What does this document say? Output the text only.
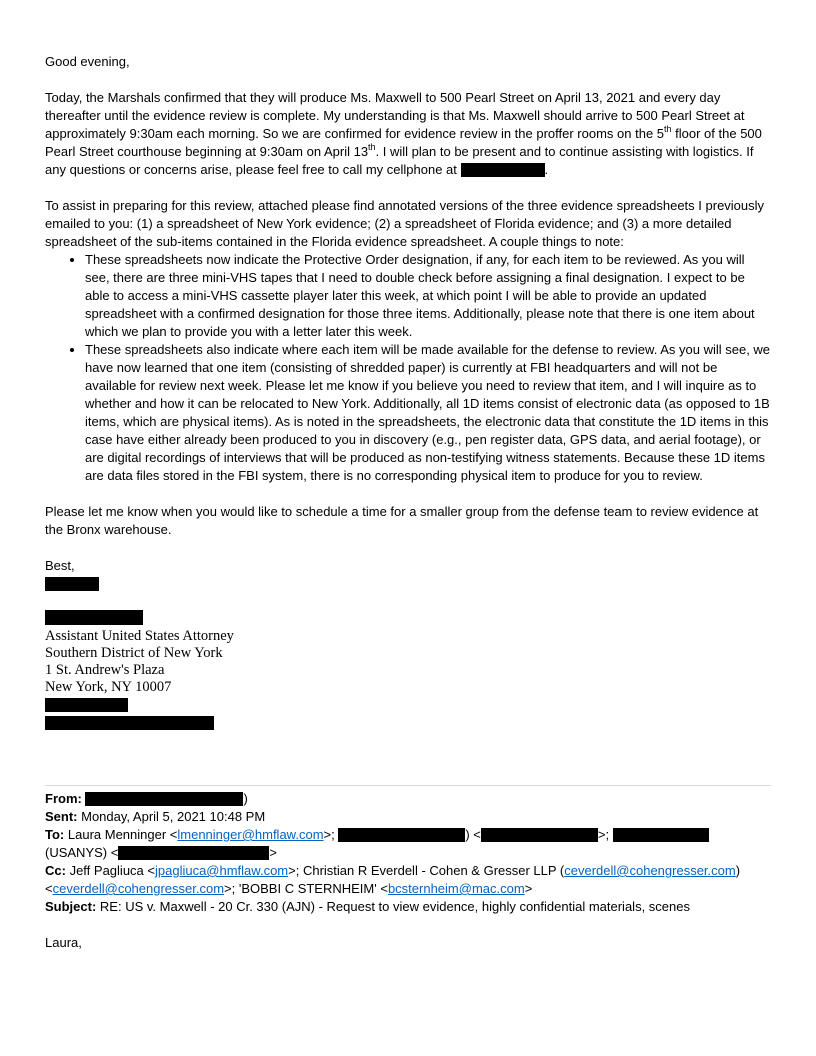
Good evening,

Today, the Marshals confirmed that they will produce Ms. Maxwell to 500 Pearl Street on April 13, 2021 and every day thereafter until the evidence review is complete. My understanding is that Ms. Maxwell should arrive to 500 Pearl Street at approximately 9:30am each morning. So we are confirmed for evidence review in the proffer rooms on the 5th floor of the 500 Pearl Street courthouse beginning at 9:30am on April 13th. I will plan to be present and to continue assisting with logistics. If any questions or concerns arise, please feel free to call my cellphone at	.

To assist in preparing for this review, attached please find annotated versions of the three evidence spreadsheets I previously emailed to you: (1) a spreadsheet of New York evidence; (2) a spreadsheet of Florida evidence; and (3) a more detailed spreadsheet of the sub-items contained in the Florida evidence spreadsheet. A couple things to note:

• These spreadsheets now indicate the Protective Order designation, if any, for each item to be reviewed. As you will see, there are three mini-VHS tapes that I need to double check before assigning a final designation. I expect to be able to access a mini-VHS cassette player later this week, at which point I will be able to provide an updated spreadsheet with a confirmed designation for those three items. Additionally, please note that there is one item about which we plan to provide you with a letter later this week.
• These spreadsheets also indicate where each item will be made available for the defense to review. As you will see, we have now learned that one item (consisting of shredded paper) is currently at FBI headquarters and will not be available for review next week. Please let me know if you believe you need to review that item, and I will inquire as to whether and how it can be relocated to New York. Additionally, all 1D items consist of electronic data (as opposed to 1B items, which are physical items). As is noted in the spreadsheets, the electronic data that constitute the 1D items in this case have either already been produced to you in discovery (e.g., pen register data, GPS data, and aerial footage), or are digital recordings of interviews that will be produced as non-testifying witness statements. Because these 1D items are data files stored in the FBI system, there is no corresponding physical item to produce for you to review.

Please let me know when you would like to schedule a time for a smaller group from the defense team to review evidence at the Bronx warehouse.

Best,

Assistant United States Attorney
Southern District of New York
1 St. Andrew's Plaza
New York, NY 10007

From:	)

Sent: Monday, April 5, 2021 10:48 PM

To: Laura Menninger <lmenninger@hmflaw.com>;	) <	>;
(USANYS) <	>

Cc: Jeff Pagliuca <jpagliuca@hmflaw.com>; Christian R Everdell - Cohen & Gresser LLP (ceverdell@cohengresser.com)
<ceverdell@cohengresser.com>; 'BOBBI C STERNHEIM' <bcsternheim@mac.com>

Subject: RE: US v. Maxwell - 20 Cr. 330 (AJN) - Request to view evidence, highly confidential materials, scenes

Laura,
